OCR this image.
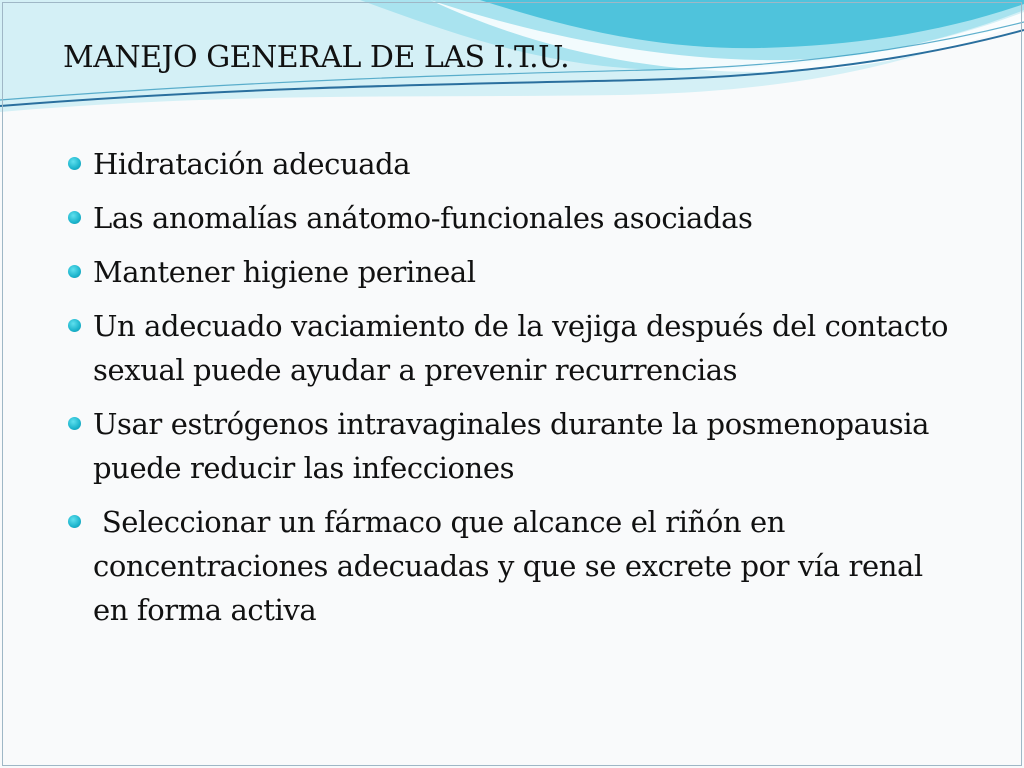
MANEJO GENERAL DE LAS I.T.U.
Hidratación adecuada
Las anomalías anátomo-funcionales asociadas
Mantener higiene perineal
Un adecuado vaciamiento de la vejiga después del contacto sexual puede ayudar a prevenir recurrencias
Usar estrógenos intravaginales durante la posmenopausia puede reducir las infecciones
Seleccionar un fármaco que alcance el riñón en concentraciones adecuadas y que se excrete por vía renal en forma activa
